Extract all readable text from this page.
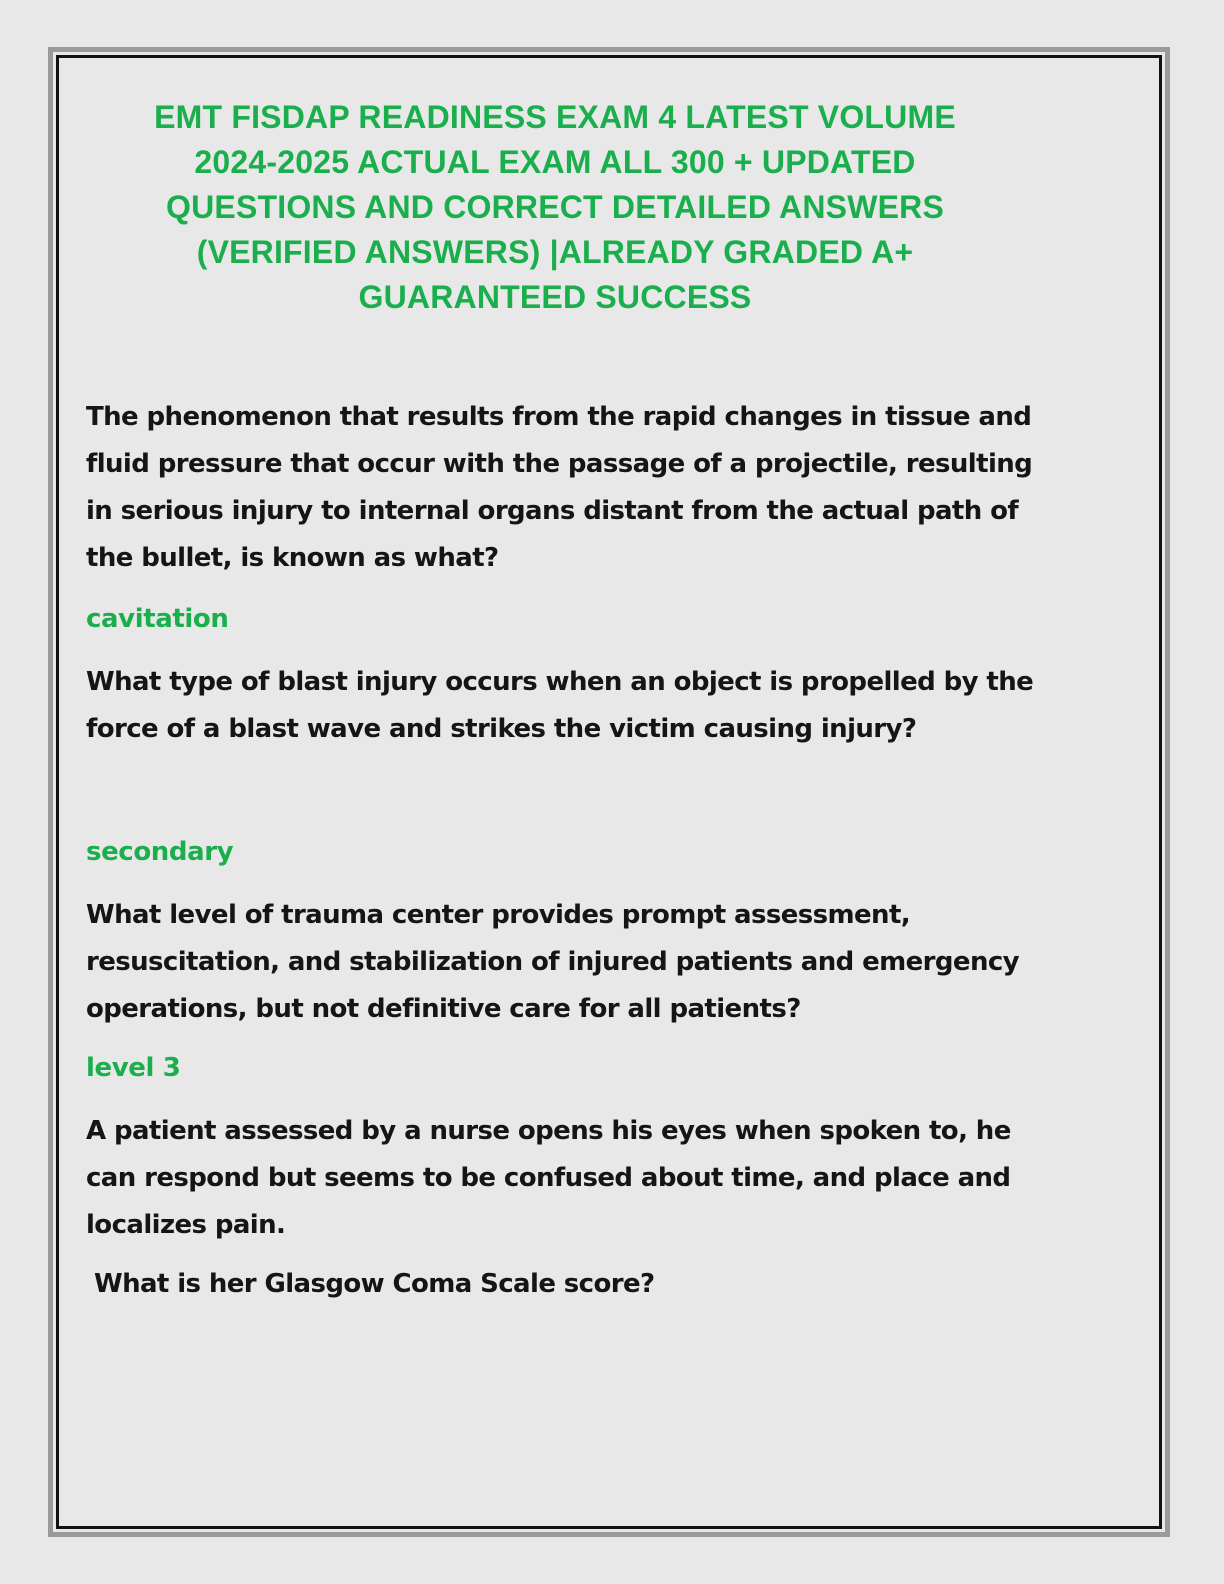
EMT FISDAP READINESS EXAM 4 LATEST VOLUME 2024-2025 ACTUAL EXAM ALL 300 + UPDATED QUESTIONS AND CORRECT DETAILED ANSWERS (VERIFIED ANSWERS) |ALREADY GRADED A+ GUARANTEED SUCCESS

The phenomenon that results from the rapid changes in tissue and fluid pressure that occur with the passage of a projectile, resulting in serious injury to internal organs distant from the actual path of the bullet, is known as what?

cavitation

What type of blast injury occurs when an object is propelled by the force of a blast wave and strikes the victim causing injury?

secondary

What level of trauma center provides prompt assessment, resuscitation, and stabilization of injured patients and emergency operations, but not definitive care for all patients?

level 3

A patient assessed by a nurse opens his eyes when spoken to, he can respond but seems to be confused about time, and place and localizes pain.

What is her Glasgow Coma Scale score?
